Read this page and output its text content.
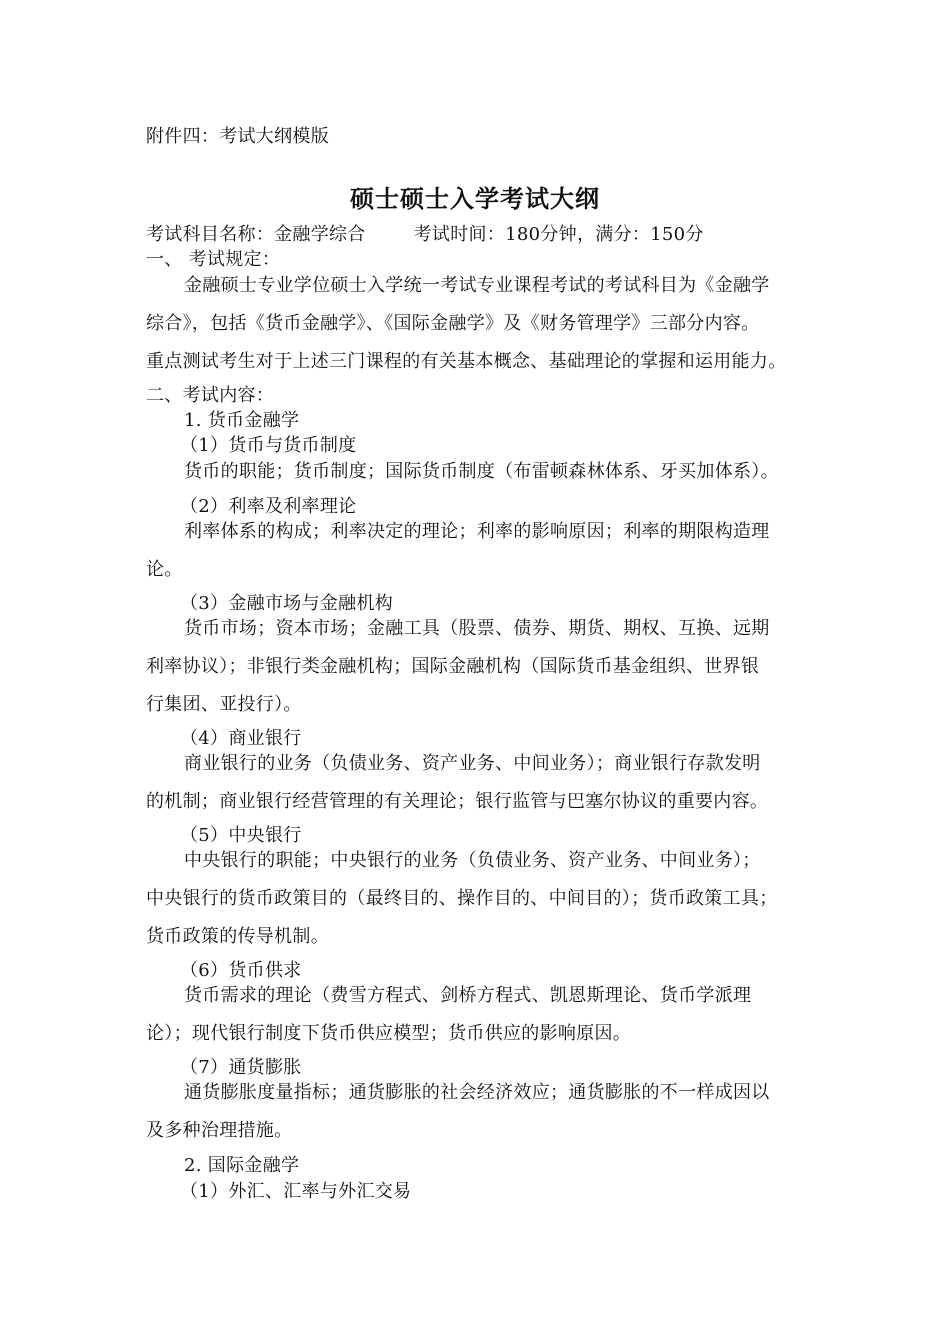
附件四：考试大纲模版
硕士硕士入学考试大纲
考试科目名称：金融学综合	考试时间：180分钟，满分：150分
一、 考试规定：
金融硕士专业学位硕士入学统一考试专业课程考试的考试科目为《金融学
综合》，包括《货币金融学》、《国际金融学》及《财务管理学》三部分内容。
重点测试考生对于上述三门课程的有关基本概念、基础理论的掌握和运用能力。
二、考试内容：
1. 货币金融学
（1）货币与货币制度
货币的职能；货币制度；国际货币制度（布雷顿森林体系、牙买加体系）。
（2）利率及利率理论
利率体系的构成；利率决定的理论；利率的影响原因；利率的期限构造理
论。
（3）金融市场与金融机构
货币市场；资本市场；金融工具（股票、债券、期货、期权、互换、远期
利率协议）；非银行类金融机构；国际金融机构（国际货币基金组织、世界银
行集团、亚投行）。
（4）商业银行
商业银行的业务（负债业务、资产业务、中间业务）；商业银行存款发明
的机制；商业银行经营管理的有关理论；银行监管与巴塞尔协议的重要内容。
（5）中央银行
中央银行的职能；中央银行的业务（负债业务、资产业务、中间业务）；
中央银行的货币政策目的（最终目的、操作目的、中间目的）；货币政策工具；
货币政策的传导机制。
（6）货币供求
货币需求的理论（费雪方程式、剑桥方程式、凯恩斯理论、货币学派理
论）；现代银行制度下货币供应模型；货币供应的影响原因。
（7）通货膨胀
通货膨胀度量指标；通货膨胀的社会经济效应；通货膨胀的不一样成因以
及多种治理措施。
2. 国际金融学
（1）外汇、汇率与外汇交易
